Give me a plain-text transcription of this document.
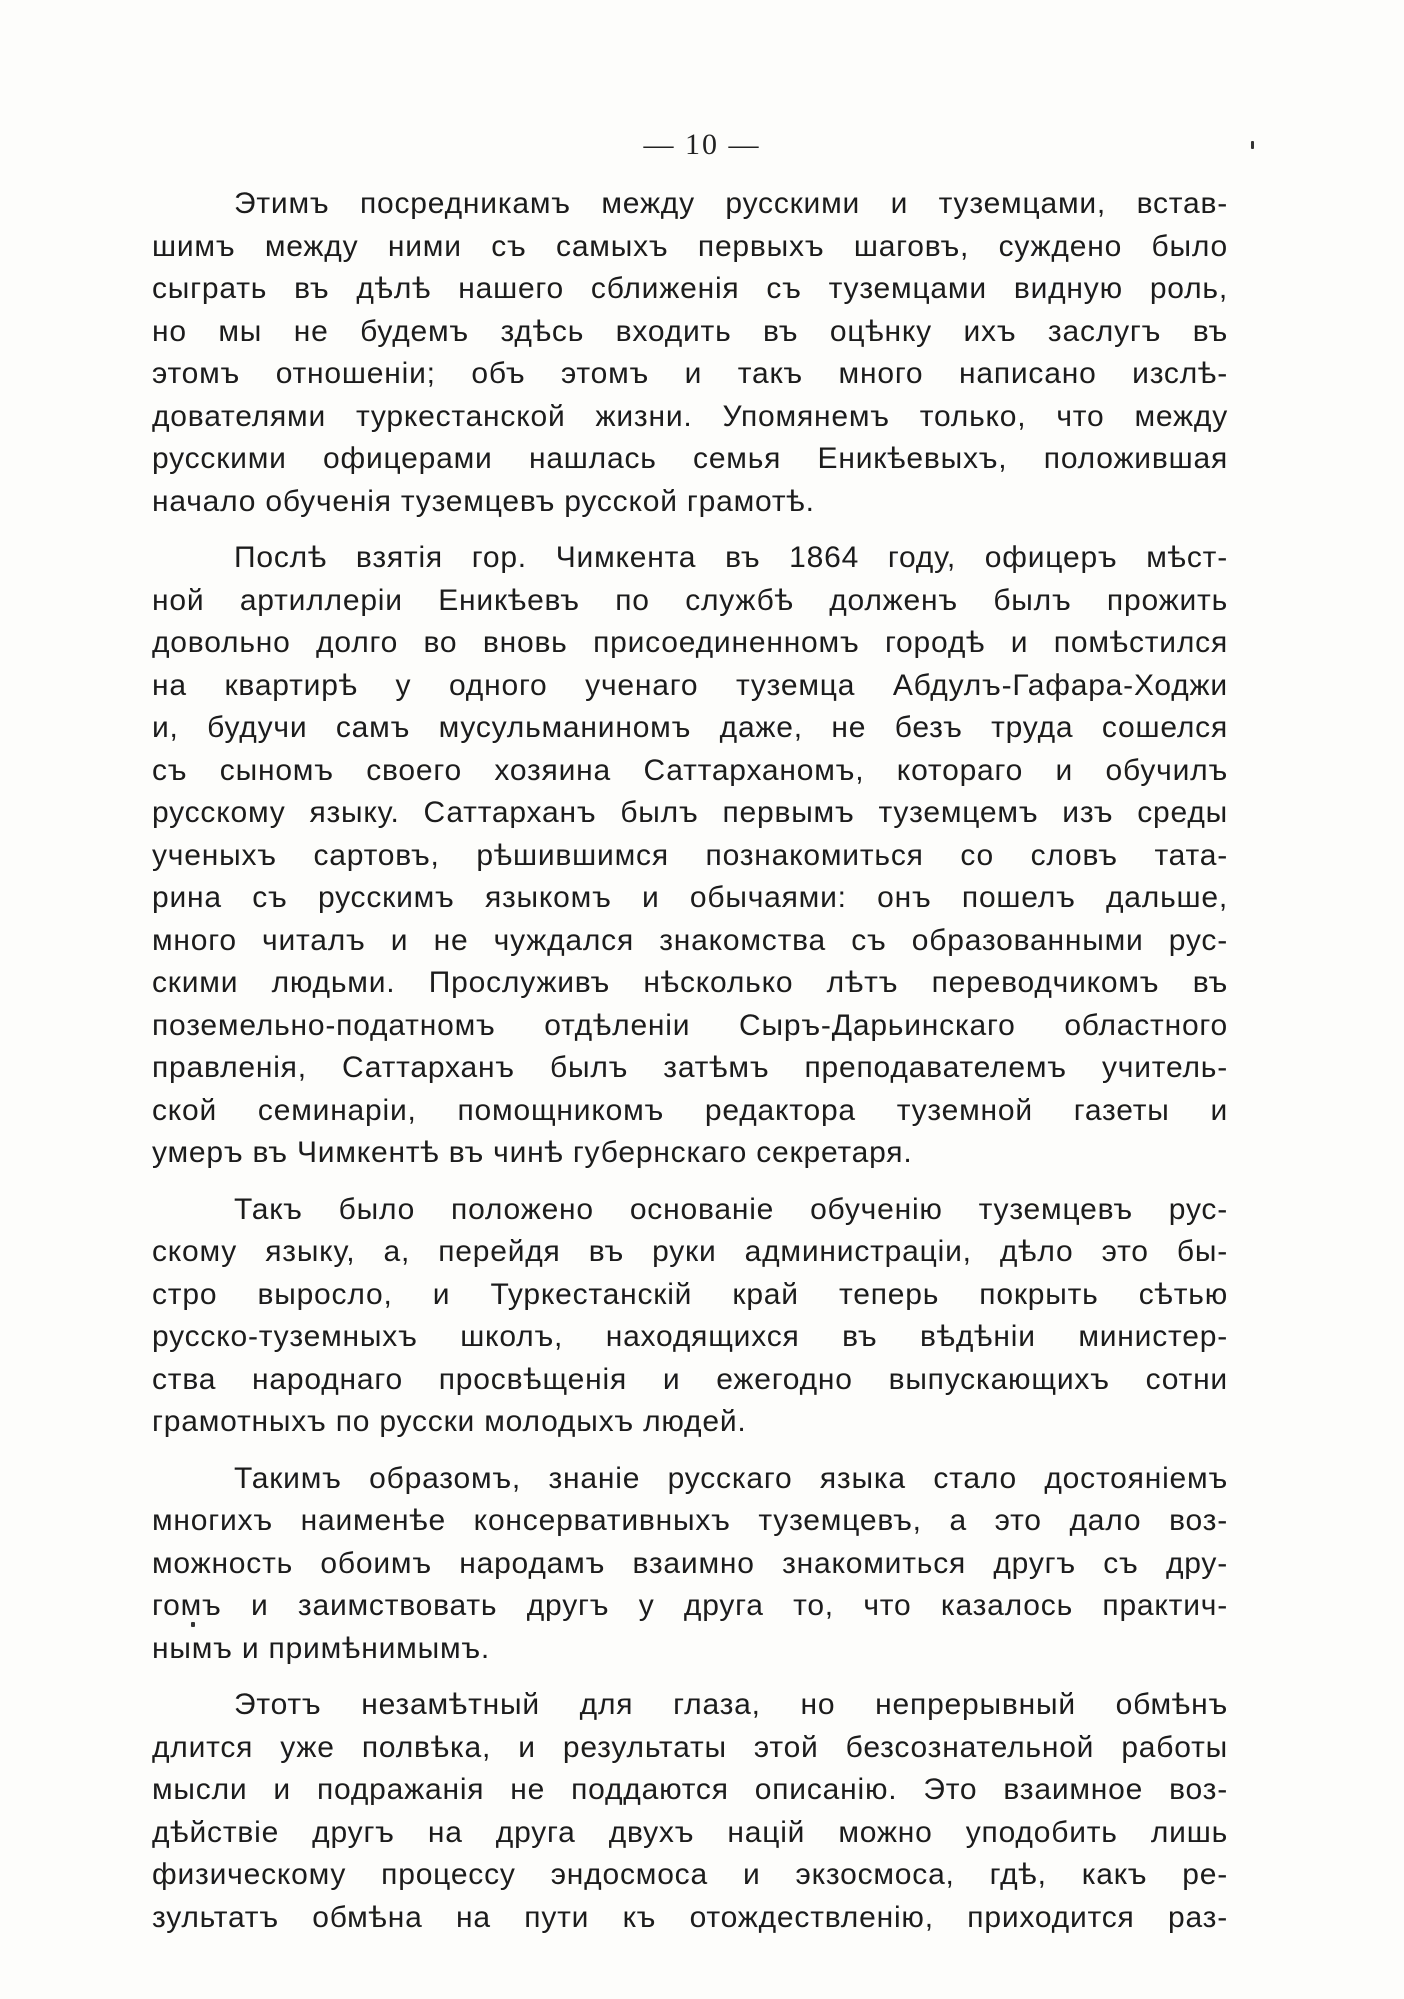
— 10 —
Этимъ посредникамъ между русскими и туземцами, встав-
шимъ между ними съ самыхъ первыхъ шаговъ, суждено было
сыграть въ дѣлѣ нашего сближенія съ туземцами видную роль,
но мы не будемъ здѣсь входить въ оцѣнку ихъ заслугъ въ
этомъ отношеніи; объ этомъ и такъ много написано изслѣ-
дователями туркестанской жизни. Упомянемъ только, что между
русскими офицерами нашлась семья Еникѣевыхъ, положившая
начало обученія туземцевъ русской грамотѣ.
Послѣ взятія гор. Чимкента въ 1864 году, офицеръ мѣст-
ной артиллеріи Еникѣевъ по службѣ долженъ былъ прожить
довольно долго во вновь присоединенномъ городѣ и помѣстился
на квартирѣ у одного ученаго туземца Абдулъ-Гафара-Ходжи
и, будучи самъ мусульманиномъ даже, не безъ труда сошелся
съ сыномъ своего хозяина Саттарханомъ, котораго и обучилъ
русскому языку. Саттарханъ былъ первымъ туземцемъ изъ среды
ученыхъ сартовъ, рѣшившимся познакомиться со словъ тата-
рина съ русскимъ языкомъ и обычаями: онъ пошелъ дальше,
много читалъ и не чуждался знакомства съ образованными рус-
скими людьми. Прослуживъ нѣсколько лѣтъ переводчикомъ въ
поземельно-податномъ отдѣленіи Сыръ-Дарьинскаго областного
правленія, Саттарханъ былъ затѣмъ преподавателемъ учитель-
ской семинаріи, помощникомъ редактора туземной газеты и
умеръ въ Чимкентѣ въ чинѣ губернскаго секретаря.
Такъ было положено основаніе обученію туземцевъ рус-
скому языку, а, перейдя въ руки администраціи, дѣло это бы-
стро выросло, и Туркестанскій край теперь покрыть сѣтью
русско-туземныхъ школъ, находящихся въ вѣдѣніи министер-
ства народнаго просвѣщенія и ежегодно выпускающихъ сотни
грамотныхъ по русски молодыхъ людей.
Такимъ образомъ, знаніе русскаго языка стало достояніемъ
многихъ наименѣе консервативныхъ туземцевъ, а это дало воз-
можность обоимъ народамъ взаимно знакомиться другъ съ дру-
гомъ и заимствовать другъ у друга то, что казалось практич-
нымъ и примѣнимымъ.
Этотъ незамѣтный для глаза, но непрерывный обмѣнъ
длится уже полвѣка, и результаты этой безсознательной работы
мысли и подражанія не поддаются описанію. Это взаимное воз-
дѣйствіе другъ на друга двухъ націй можно уподобить лишь
физическому процессу эндосмоса и экзосмоса, гдѣ, какъ ре-
зультатъ обмѣна на пути къ отождествленію, приходится раз-
